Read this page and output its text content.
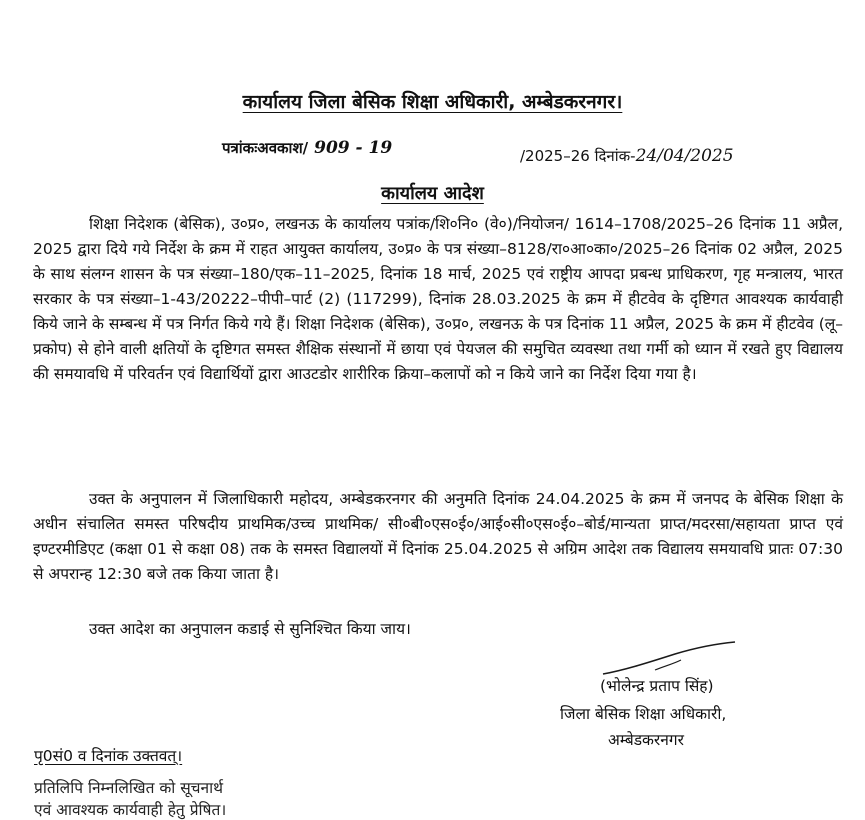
कार्यालय जिला बेसिक शिक्षा अधिकारी, अम्बेडकरनगर।
पत्रांकःअवकाश/ 909 - 19	/2025–26 दिनांक-24/04/2025
कार्यालय आदेश
शिक्षा निदेशक (बेसिक), उ०प्र०, लखनऊ के कार्यालय पत्रांक/शि०नि० (वे०)/नियोजन/ 1614–1708/2025–26 दिनांक 11 अप्रैल, 2025 द्वारा दिये गये निर्देश के क्रम में राहत आयुक्त कार्यालय, उ०प्र० के पत्र संख्या–8128/रा०आ०का०/2025–26 दिनांक 02 अप्रैल, 2025 के साथ संलग्न शासन के पत्र संख्या–180/एक–11–2025, दिनांक 18 मार्च, 2025 एवं राष्ट्रीय आपदा प्रबन्ध प्राधिकरण, गृह मन्त्रालय, भारत सरकार के पत्र संख्या–1-43/20222–पीपी–पार्ट (2) (117299), दिनांक 28.03.2025 के क्रम में हीटवेव के दृष्टिगत आवश्यक कार्यवाही किये जाने के सम्बन्ध में पत्र निर्गत किये गये हैं। शिक्षा निदेशक (बेसिक), उ०प्र०, लखनऊ के पत्र दिनांक 11 अप्रैल, 2025 के क्रम में हीटवेव (लू–प्रकोप) से होने वाली क्षतियों के दृष्टिगत समस्त शैक्षिक संस्थानों में छाया एवं पेयजल की समुचित व्यवस्था तथा गर्मी को ध्यान में रखते हुए विद्यालय की समयावधि में परिवर्तन एवं विद्यार्थियों द्वारा आउटडोर शारीरिक क्रिया–कलापों को न किये जाने का निर्देश दिया गया है।
उक्त के अनुपालन में जिलाधिकारी महोदय, अम्बेडकरनगर की अनुमति दिनांक 24.04.2025 के क्रम में जनपद के बेसिक शिक्षा के अधीन संचालित समस्त परिषदीय प्राथमिक/उच्च प्राथमिक/ सी०बी०एस०ई०/आई०सी०एस०ई०–बोर्ड/मान्यता प्राप्त/मदरसा/सहायता प्राप्त एवं इण्टरमीडिएट (कक्षा 01 से कक्षा 08) तक के समस्त विद्यालयों में दिनांक 25.04.2025 से अग्रिम आदेश तक विद्यालय समयावधि प्रातः 07:30 से अपरान्ह 12:30 बजे तक किया जाता है।
उक्त आदेश का अनुपालन कडाई से सुनिश्चित किया जाय।
(भोलेन्द्र प्रताप सिंह)
जिला बेसिक शिक्षा अधिकारी,
अम्बेडकरनगर
पृ0सं0 व दिनांक उक्तवत्।
प्रतिलिपि निम्नलिखित को सूचनार्थ एवं आवश्यक कार्यवाही हेतु प्रेषित।
